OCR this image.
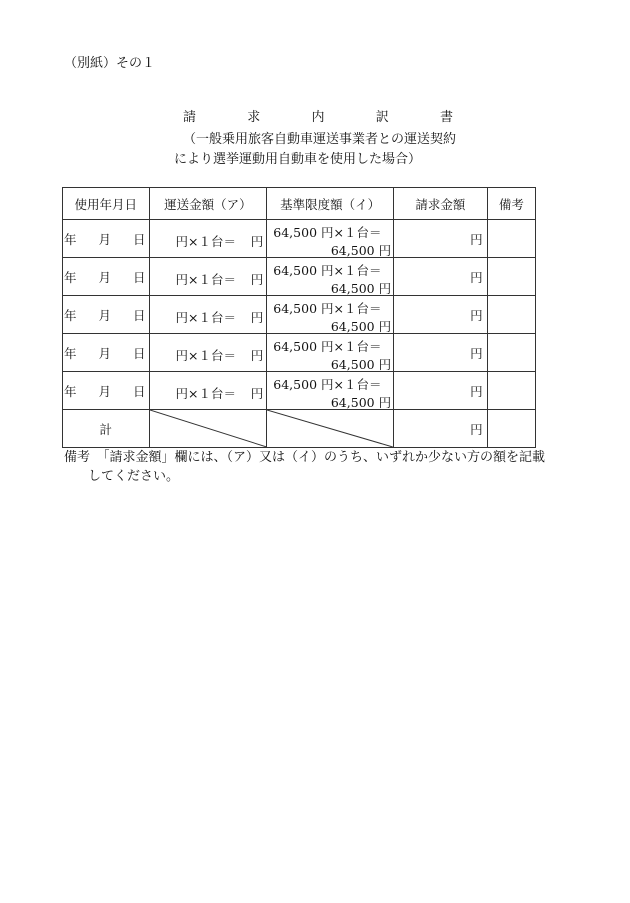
（別紙）その１
請	求	内	訳	書
（一般乗用旅客自動車運送事業者との運送契約
により選挙運動用自動車を使用した場合）
使用年月日	運送金額（ア）	基準限度額（イ）	請求金額	備考

年 月 日	円×１台＝ 円	64,500 円×１台＝
64,500 円	円	

年 月 日	円×１台＝ 円	64,500 円×１台＝
64,500 円	円	

年 月 日	円×１台＝ 円	64,500 円×１台＝
64,500 円	円	

年 月 日	円×１台＝ 円	64,500 円×１台＝
64,500 円	円	

年 月 日	円×１台＝ 円	64,500 円×１台＝
64,500 円	円	
計			円	
備考　「請求金額」欄には、（ア）又は（イ）のうち、いずれか少ない方の額を記載
してください。
